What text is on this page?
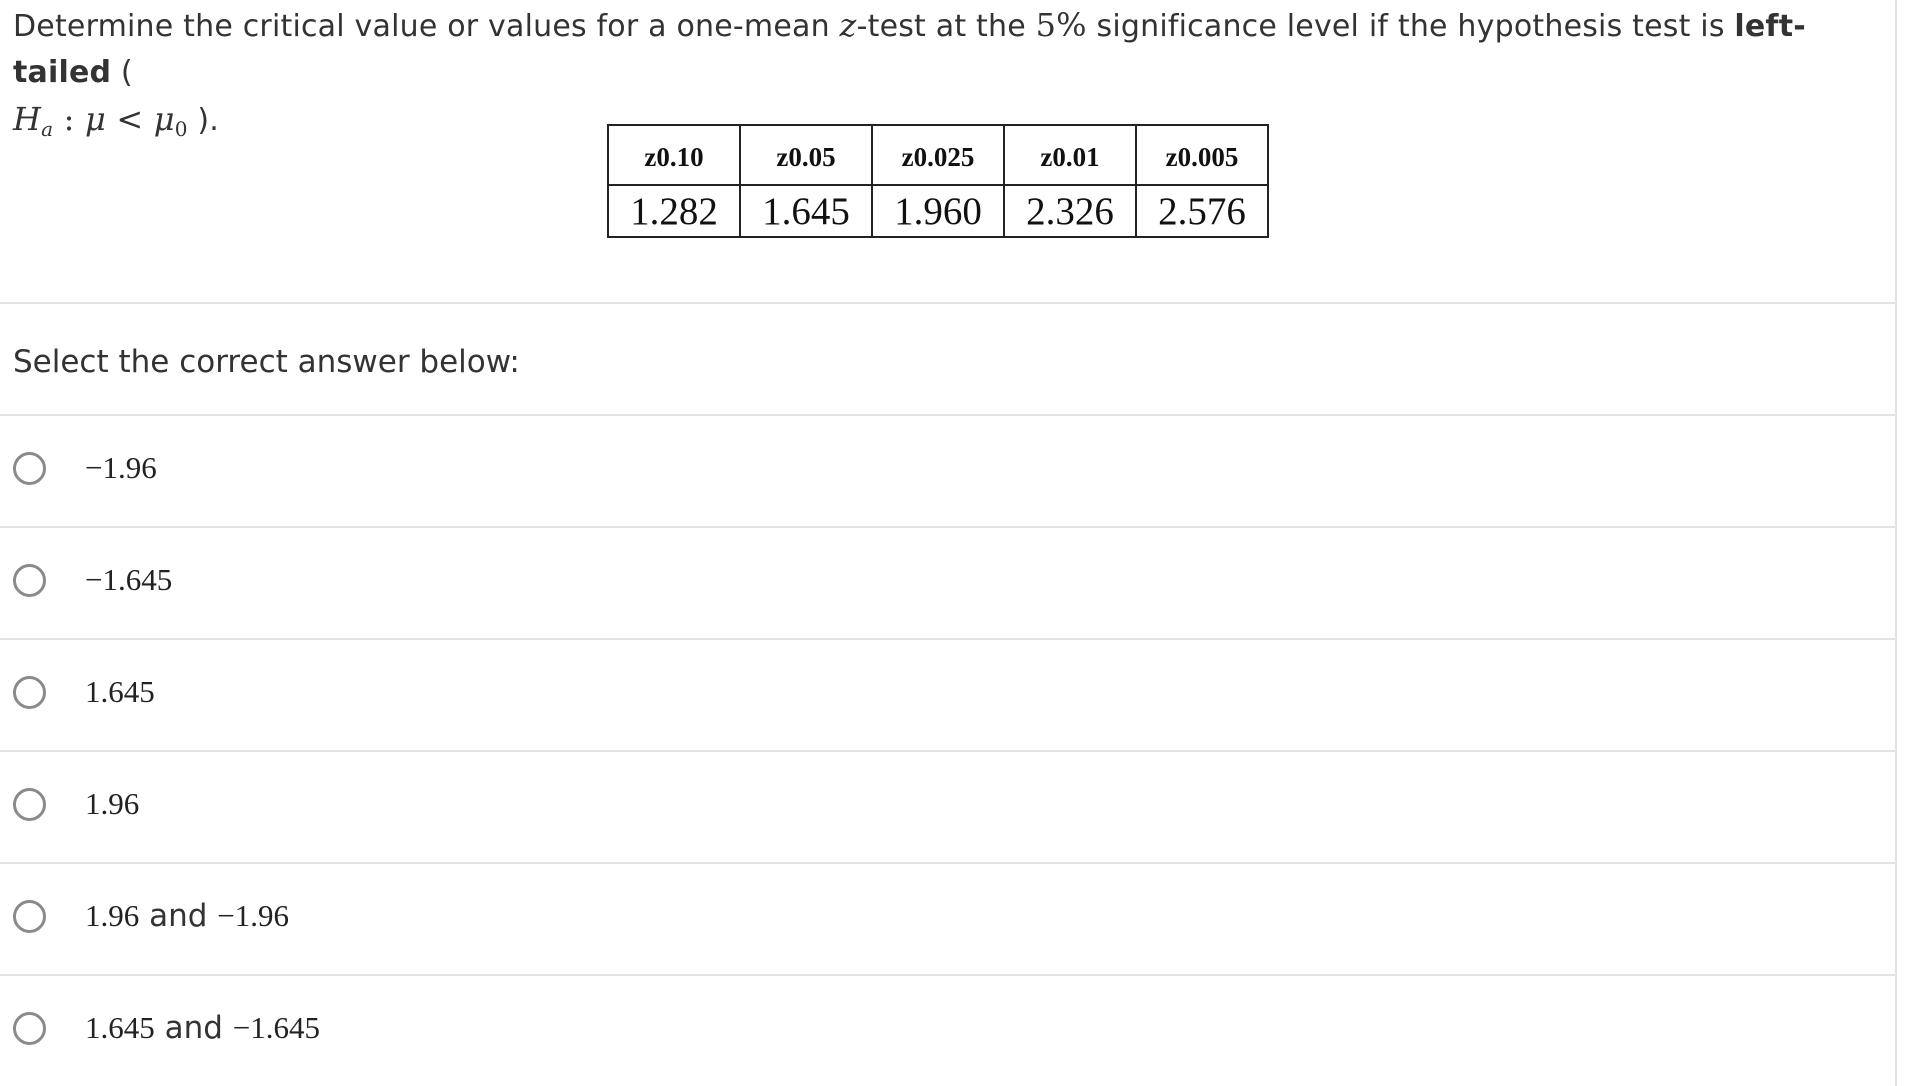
Determine the critical value or values for a one-mean z-test at the 5% significance level if the hypothesis test is left-tailed (
$H_a$ : $\mu < \mu_0$ ).
z0.10	z0.05	z0.025	z0.01	z0.005
1.282	1.645	1.960	2.326	2.576
Select the correct answer below:
−1.96
−1.645
1.645
1.96
1.96 and −1.96
1.645 and −1.645
